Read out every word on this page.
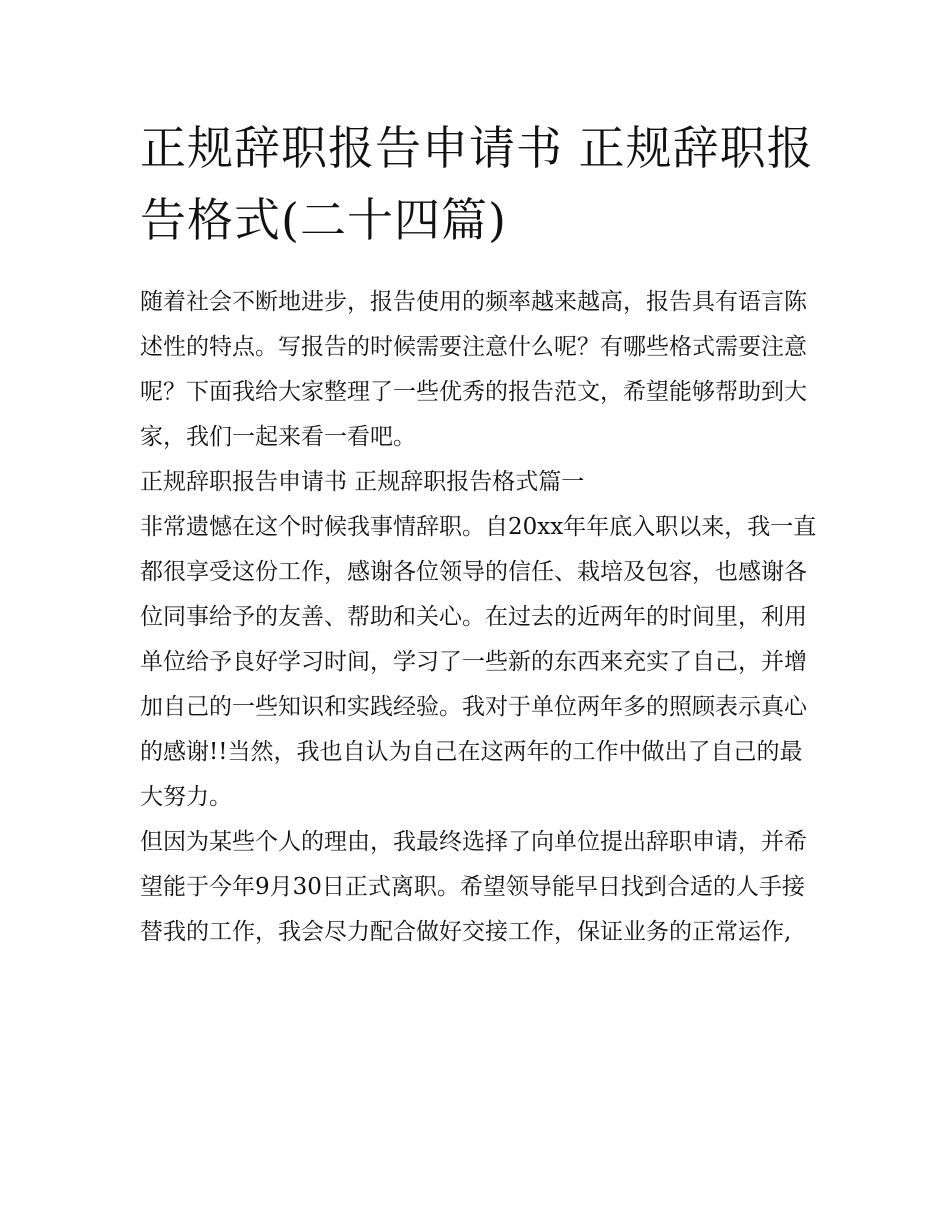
正规辞职报告申请书 正规辞职报告格式(二十四篇)

随着社会不断地进步，报告使用的频率越来越高，报告具有语言陈述性的特点。写报告的时候需要注意什么呢？有哪些格式需要注意呢？下面我给大家整理了一些优秀的报告范文，希望能够帮助到大家，我们一起来看一看吧。

正规辞职报告申请书 正规辞职报告格式篇一

非常遗憾在这个时候我事情辞职。自20xx年年底入职以来，我一直都很享受这份工作，感谢各位领导的信任、栽培及包容，也感谢各位同事给予的友善、帮助和关心。在过去的近两年的时间里，利用单位给予良好学习时间，学习了一些新的东西来充实了自己，并增加自己的一些知识和实践经验。我对于单位两年多的照顾表示真心的感谢!!当然，我也自认为自己在这两年的工作中做出了自己的最大努力。

但因为某些个人的理由，我最终选择了向单位提出辞职申请，并希望能于今年9月30日正式离职。希望领导能早日找到合适的人手接替我的工作，我会尽力配合做好交接工作，保证业务的正常运作,
